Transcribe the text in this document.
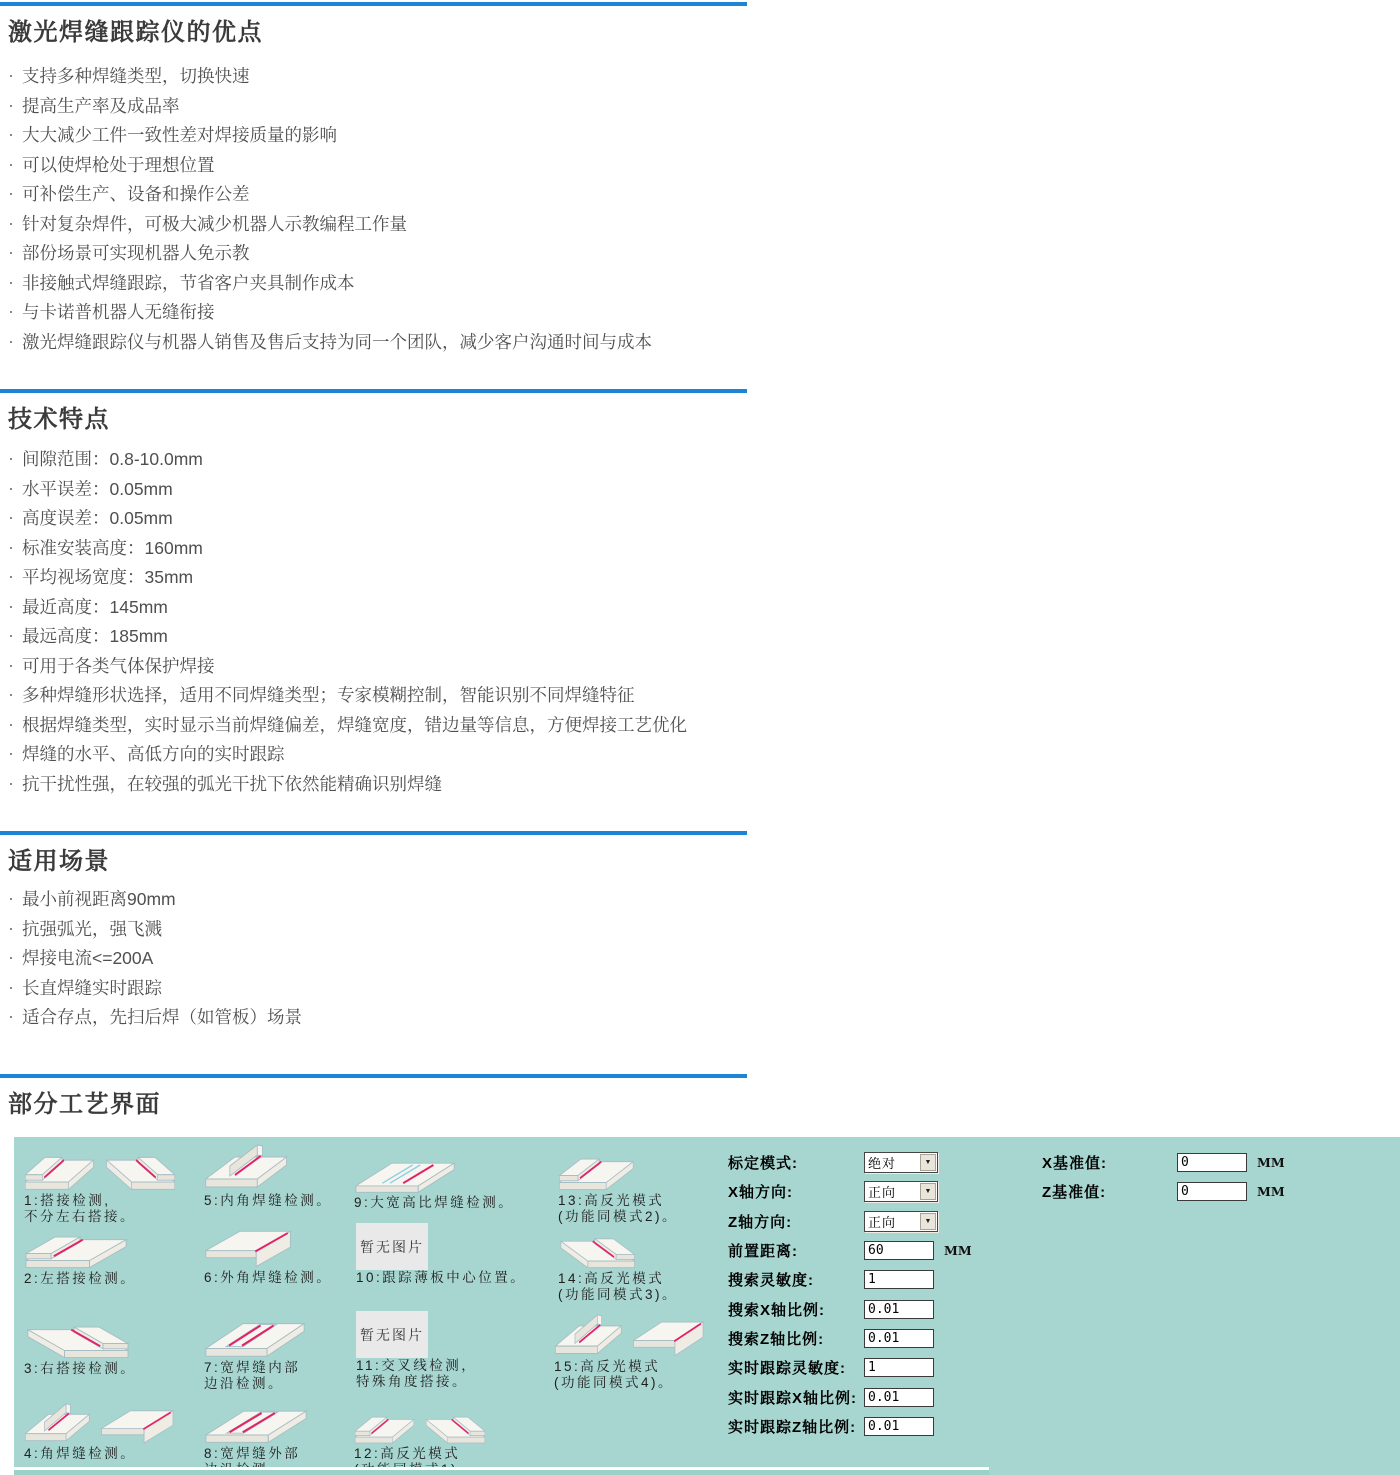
激光焊缝跟踪仪的优点
· 支持多种焊缝类型，切换快速
· 提高生产率及成品率
· 大大减少工件一致性差对焊接质量的影响
· 可以使焊枪处于理想位置
· 可补偿生产、设备和操作公差
· 针对复杂焊件，可极大减少机器人示教编程工作量
· 部份场景可实现机器人免示教
· 非接触式焊缝跟踪，节省客户夹具制作成本
· 与卡诺普机器人无缝衔接
· 激光焊缝跟踪仪与机器人销售及售后支持为同一个团队，减少客户沟通时间与成本
技术特点
· 间隙范围：0.8-10.0mm
· 水平误差：0.05mm
· 高度误差：0.05mm
· 标准安装高度：160mm
· 平均视场宽度：35mm
· 最近高度：145mm
· 最远高度：185mm
· 可用于各类气体保护焊接
· 多种焊缝形状选择，适用不同焊缝类型；专家模糊控制，智能识别不同焊缝特征
· 根据焊缝类型，实时显示当前焊缝偏差，焊缝宽度，错边量等信息，方便焊接工艺优化
· 焊缝的水平、高低方向的实时跟踪
· 抗干扰性强，在较强的弧光干扰下依然能精确识别焊缝
适用场景
· 最小前视距离90mm
· 抗强弧光，强飞溅
· 焊接电流<=200A
· 长直焊缝实时跟踪
· 适合存点，先扫后焊（如管板）场景
部分工艺界面
1:搭接检测,
不分左右搭接。
2:左搭接检测。
3:右搭接检测。
4:角焊缝检测。
5:内角焊缝检测。
6:外角焊缝检测。
7:宽焊缝内部
边沿检测。
8:宽焊缝外部
9:大宽高比焊缝检测。
暂无图片
10:跟踪薄板中心位置。
暂无图片
11:交叉线检测，
特殊角度搭接。
12:高反光模式
13:高反光模式
(功能同模式2)。
14:高反光模式
(功能同模式3)。
15:高反光模式
(功能同模式4)。
标定模式:	绝对	▼
X轴方向:	正向	▼
Z轴方向:	正向	▼
前置距离:
60	MM
搜索灵敏度:
1
搜索X轴比例:
0.01
搜索Z轴比例:
0.01
实时跟踪灵敏度:
1
实时跟踪X轴比例:
0.01
实时跟踪Z轴比例:
0.01
X基准值:
0	MM
Z基准值:
0	MM
